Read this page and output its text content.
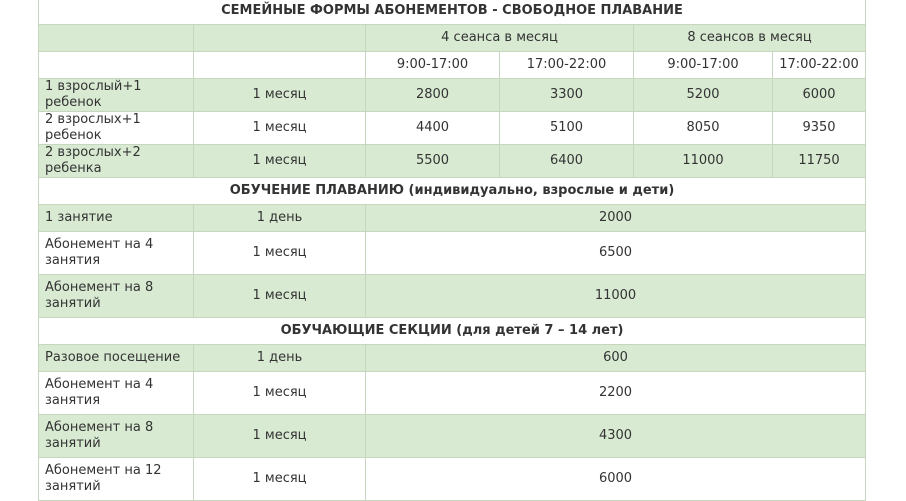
СЕМЕЙНЫЕ ФОРМЫ АБОНЕМЕНТОВ - СВОБОДНОЕ ПЛАВАНИЕ					
		4 сеанса в месяц		8 сеансов в месяц	
		9:00-17:00	17:00-22:00	9:00-17:00	17:00-22:00
1 взрослый+1 ребенок	1 месяц	2800	3300	5200	6000
2 взрослых+1 ребенок	1 месяц	4400	5100	8050	9350
2 взрослых+2 ребенка	1 месяц	5500	6400	11000	11750
ОБУЧЕНИЕ ПЛАВАНИЮ (индивидуально, взрослые и дети)					
1 занятие	1 день	2000			
Абонемент на 4 занятия	1 месяц	6500			
Абонемент на 8 занятий	1 месяц	11000			
ОБУЧАЮЩИЕ СЕКЦИИ (для детей 7 – 14 лет)					
Разовое посещение	1 день	600			
Абонемент на 4 занятия	1 месяц	2200			
Абонемент на 8 занятий	1 месяц	4300			
Абонемент на 12 занятий	1 месяц	6000			
